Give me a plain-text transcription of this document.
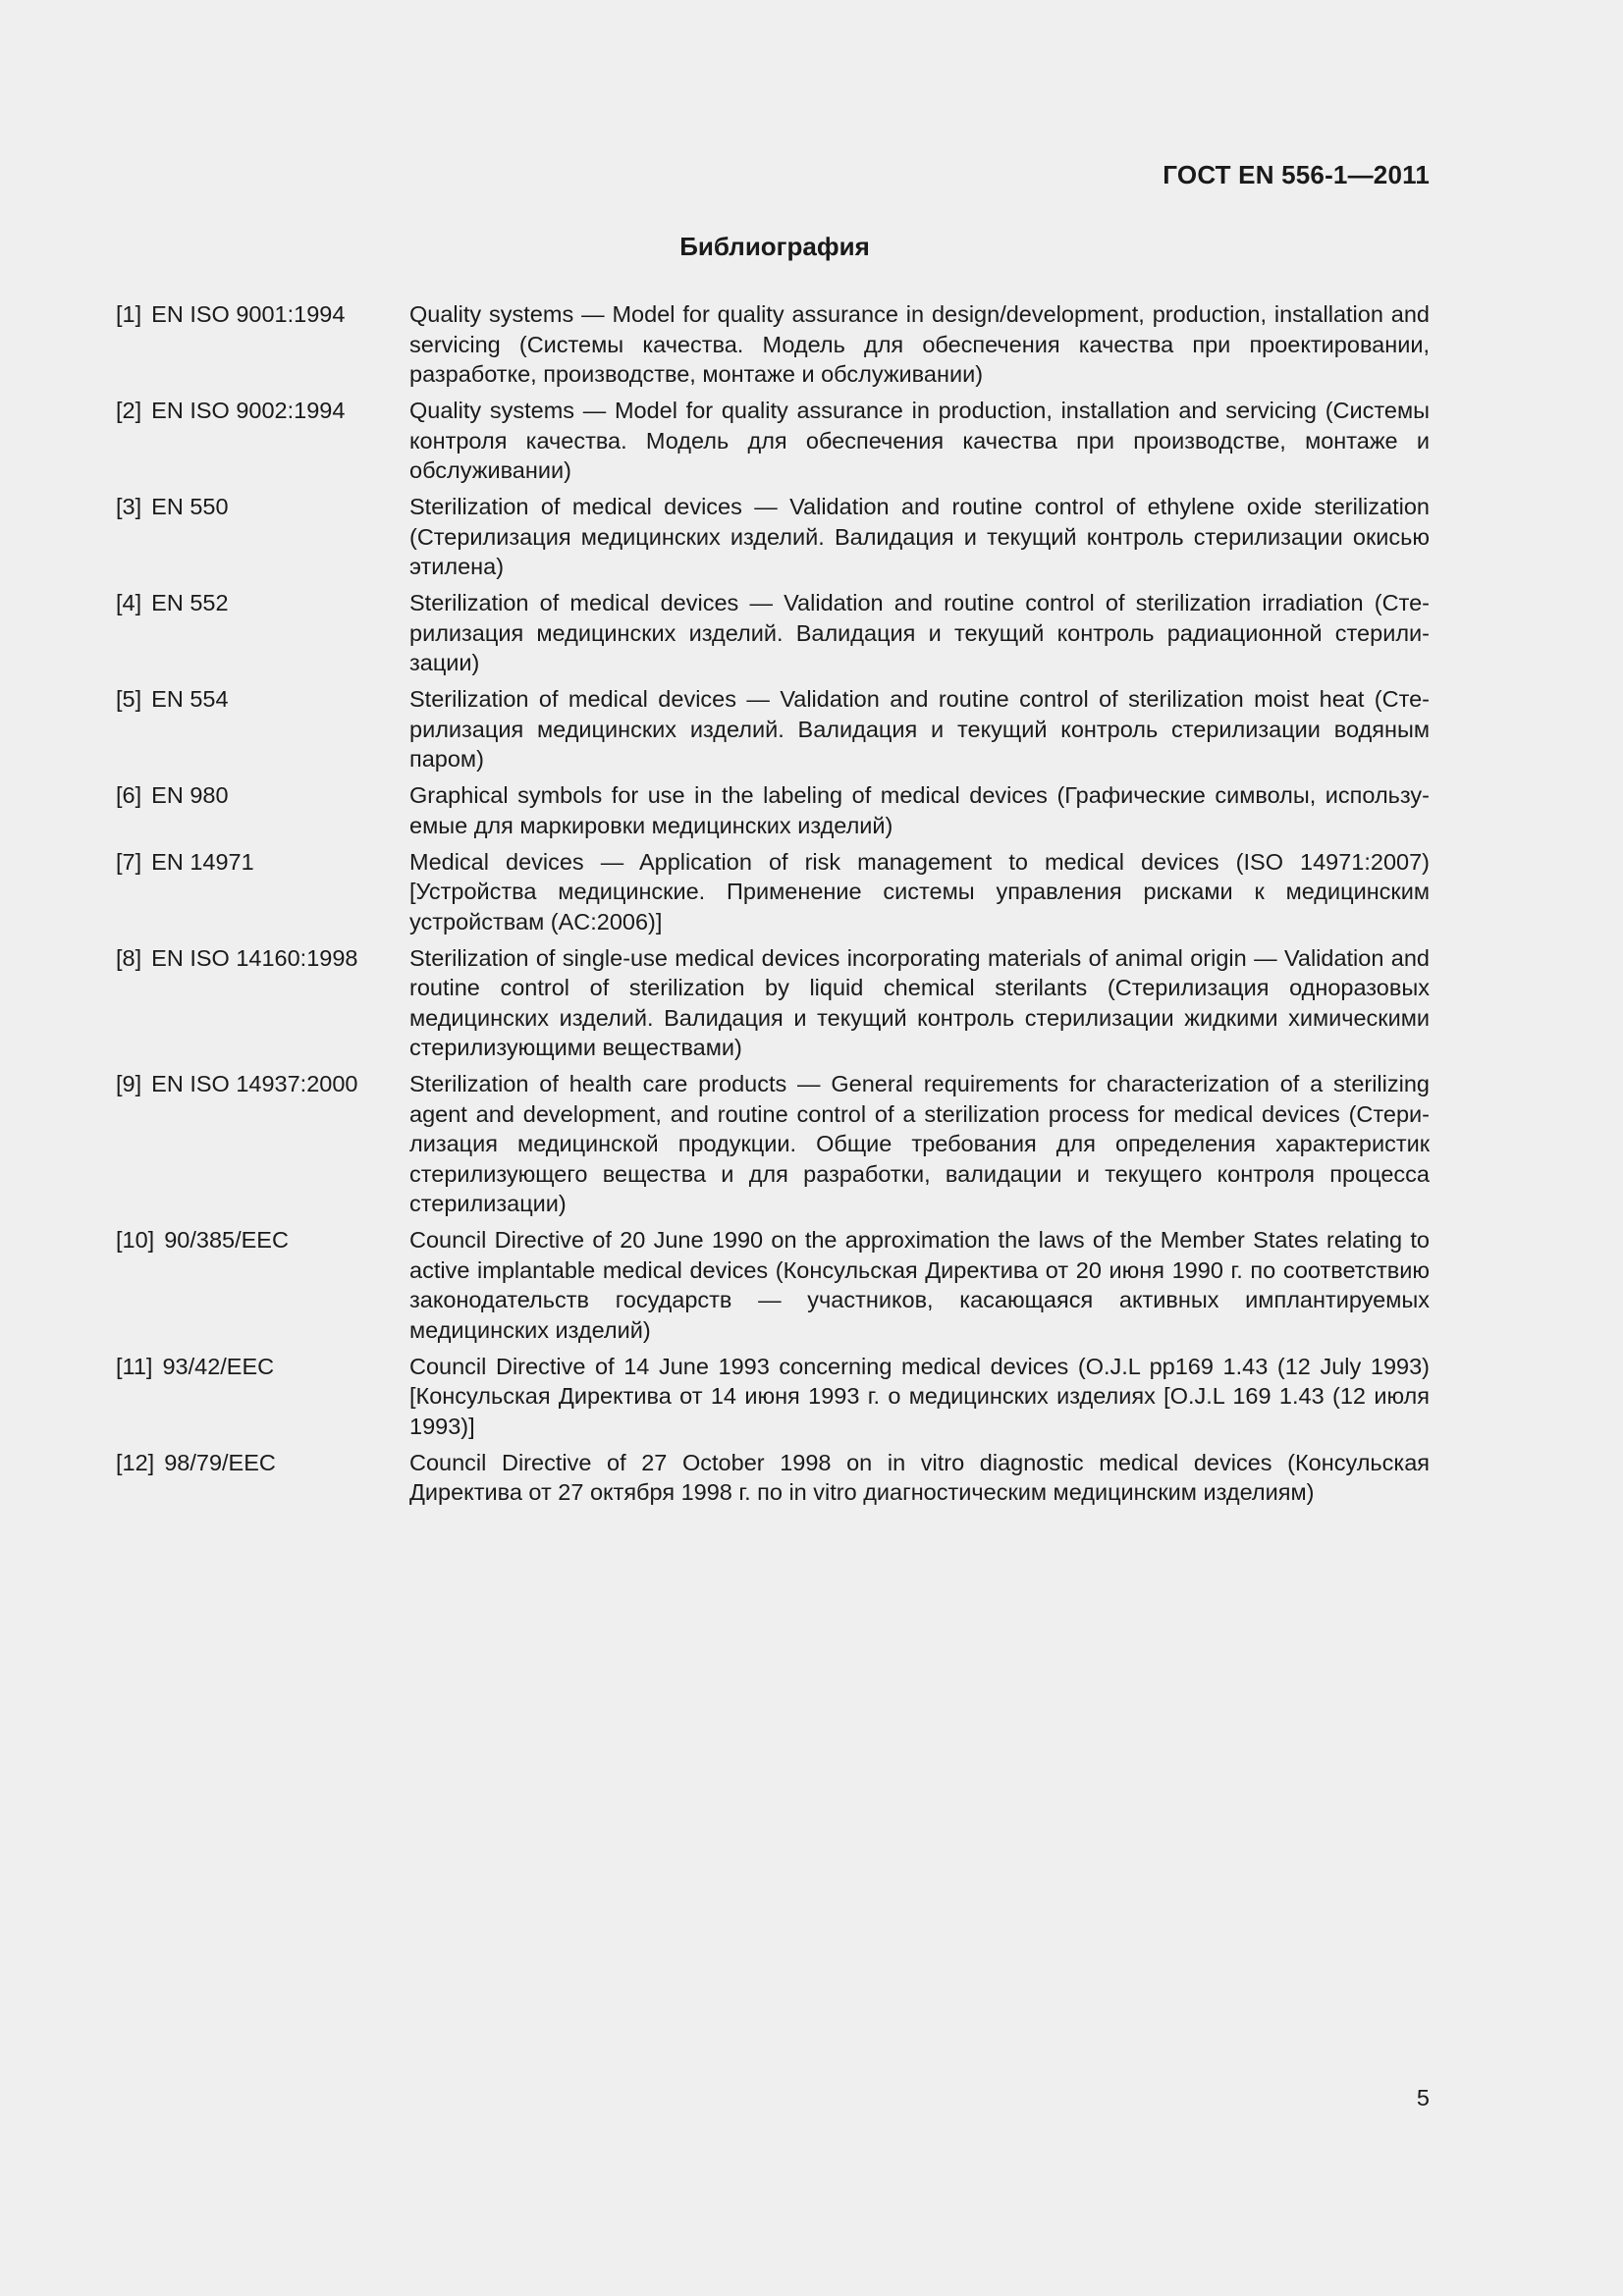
ГОСТ EN 556-1—2011
Библиография
[1] EN ISO 9001:1994	Quality systems — Model for quality assurance in design/development, production, installation and servicing (Системы качества. Модель для обеспечения качества при проектировании, разработке, производстве, монтаже и обслуживании)
[2] EN ISO 9002:1994	Quality systems — Model for quality assurance in production, installation and servicing (Системы контроля качества. Модель для обеспечения качества при производстве, монтаже и обслуживании)
[3] EN 550	Sterilization of medical devices — Validation and routine control of ethylene oxide sterilization (Стерилизация медицинских изделий. Валидация и текущий контроль стерилизации окисью этилена)
[4] EN 552	Sterilization of medical devices — Validation and routine control of sterilization irradiation (Стерилизация медицинских изделий. Валидация и текущий контроль радиационной стерилизации)
[5] EN 554	Sterilization of medical devices — Validation and routine control of sterilization moist heat (Стерилизация медицинских изделий. Валидация и текущий контроль стерилизации водяным паром)
[6] EN 980	Graphical symbols for use in the labeling of medical devices (Графические символы, используемые для маркировки медицинских изделий)
[7] EN 14971	Medical devices — Application of risk management to medical devices (ISO 14971:2007) [Устройства медицинские. Применение системы управления рисками к медицинским устройствам (AC:2006)]
[8] EN ISO 14160:1998	Sterilization of single-use medical devices incorporating materials of animal origin — Validation and routine control of sterilization by liquid chemical sterilants (Стерилизация одноразовых медицинских изделий. Валидация и текущий контроль стерилизации жидкими химическими стерилизующими веществами)
[9] EN ISO 14937:2000	Sterilization of health care products — General requirements for characterization of a sterilizing agent and development, and routine control of a sterilization process for medical devices (Стерилизация медицинской продукции. Общие требования для определения характеристик стерилизующего вещества и для разработки, валидации и текущего контроля процесса стерилизации)
[10] 90/385/EEC	Council Directive of 20 June 1990 on the approximation the laws of the Member States relating to active implantable medical devices (Консульская Директива от 20 июня 1990 г. по соответствию законодательств государств — участников, касающаяся активных имплантируемых медицинских изделий)
[11] 93/42/EEC	Council Directive of 14 June 1993 concerning medical devices (O.J.L pp169 1.43 (12 July 1993) [Консульская Директива от 14 июня 1993 г. о медицинских изделиях [O.J.L 169 1.43 (12 июля 1993)]
[12] 98/79/EEC	Council Directive of 27 October 1998 on in vitro diagnostic medical devices (Консульская Директива от 27 октября 1998 г. по in vitro диагностическим медицинским изделиям)
5
